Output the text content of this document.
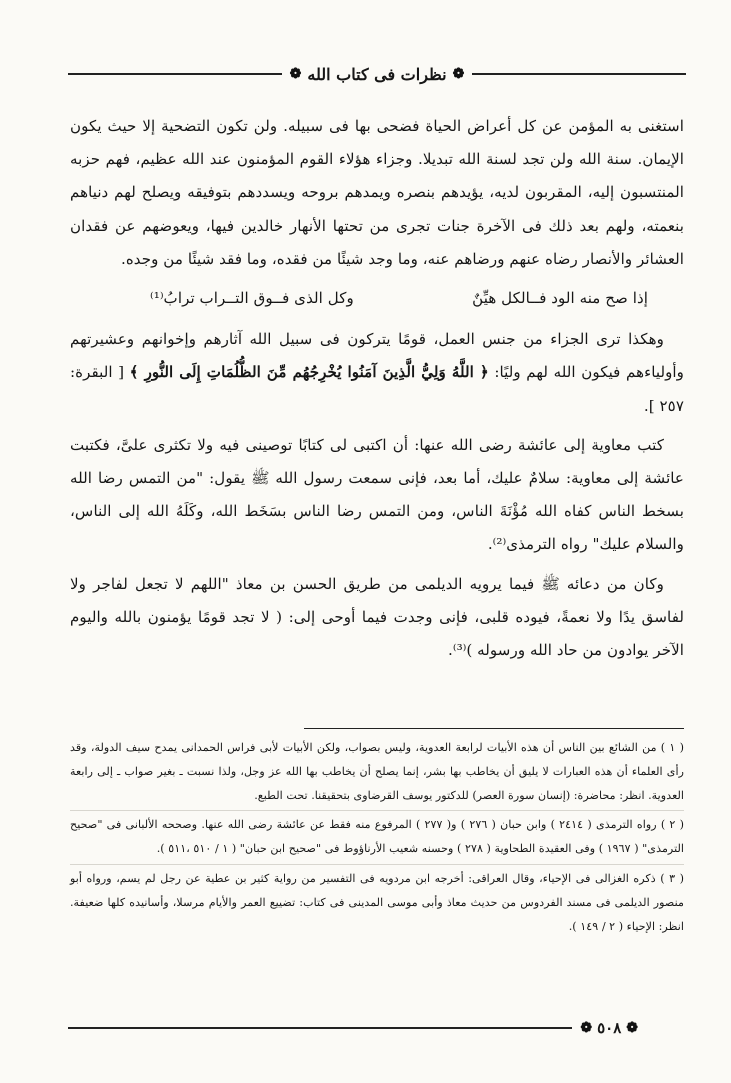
❁
نظرات فى كتاب الله
❁

استغنى به المؤمن عن كل أعراض الحياة فضحى بها فى سبيله. ولن تكون التضحية إلا حيث يكون الإيمان. سنة الله ولن تجد لسنة الله تبديلا. وجزاء هؤلاء القوم المؤمنون عند الله عظيم، فهم حزبه المنتسبون إليه، المقربون لديه، يؤيدهم بنصره ويمدهم بروحه ويسددهم بتوفيقه ويصلح لهم دنياهم بنعمته، ولهم بعد ذلك فى الآخرة جنات تجرى من تحتها الأنهار خالدين فيها، ويعوضهم عن فقدان العشائر والأنصار رضاه عنهم ورضاهم عنه، وما وجد شيئًا من فقده، وما فقد شيئًا من وجده.

إذا صح منه الود فــالكل هيِّنٌ
وكل الذى فــوق التــراب ترابُ⁽¹⁾

وهكذا ترى الجزاء من جنس العمل، قومًا يتركون فى سبيل الله آثارهم وإخوانهم وعشيرتهم وأولياءهم فيكون الله لهم وليًا: ﴿ اللَّهُ وَلِيُّ الَّذِينَ آمَنُوا يُخْرِجُهُم مِّنَ الظُّلُمَاتِ إِلَى النُّورِ ﴾ [ البقرة: ٢٥٧ ].

كتب معاوية إلى عائشة رضى الله عنها: أن اكتبى لى كتابًا توصينى فيه ولا تكثرى علىَّ، فكتبت عائشة إلى معاوية: سلامٌ عليك، أما بعد، فإنى سمعت رسول الله ﷺ يقول: "من التمس رضا الله بسخط الناس كفاه الله مُؤْنَةَ الناس، ومن التمس رضا الناس بسَخَط الله، وكَلَهُ الله إلى الناس، والسلام عليك" رواه الترمذى⁽²⁾.

وكان من دعائه ﷺ فيما يرويه الديلمى من طريق الحسن بن معاذ "اللهم لا تجعل لفاجر ولا لفاسق يدًا ولا نعمةً، فيوده قلبى، فإنى وجدت فيما أوحى إلى: ( لا تجد قومًا يؤمنون بالله واليوم الآخر يوادون من حاد الله ورسوله )⁽³⁾.

( ١ ) من الشائع بين الناس أن هذه الأبيات لرابعة العدوية، وليس بصواب، ولكن الأبيات لأبى فراس الحمدانى يمدح سيف الدولة، وقد رأى العلماء أن هذه العبارات لا يليق أن يخاطب بها بشر، إنما يصلح أن يخاطب بها الله عز وجل، ولذا نسبت ـ بغير صواب ـ إلى رابعة العدوية. انظر: محاضرة: (إنسان سورة العصر) للدكتور يوسف القرضاوى بتحقيقنا. تحت الطبع.

( ٢ ) رواه الترمذى ( ٢٤١٤ ) وابن حبان ( ٢٧٦ ) و( ٢٧٧ ) المرفوع منه فقط عن عائشة رضى الله عنها. وصححه الألبانى فى "صحيح الترمذى" ( ١٩٦٧ ) وفى العقيدة الطحاوية ( ٢٧٨ ) وحسنه شعيب الأرناؤوط فى "صحيح ابن حبان" ( ١ / ٥١٠ ،٥١١ ).

( ٣ ) ذكره الغزالى فى الإحياء، وقال العراقى: أخرجه ابن مردويه فى التفسير من رواية كثير بن عطية عن رجل لم يسم، ورواه أبو منصور الديلمى فى مسند الفردوس من حديث معاذ وأبى موسى المدينى فى كتاب: تضييع العمر والأيام مرسلا، وأسانيده كلها ضعيفة. انظر: الإحياء ( ٢ / ١٤٩ ).

❁
٥٠٨
❁
